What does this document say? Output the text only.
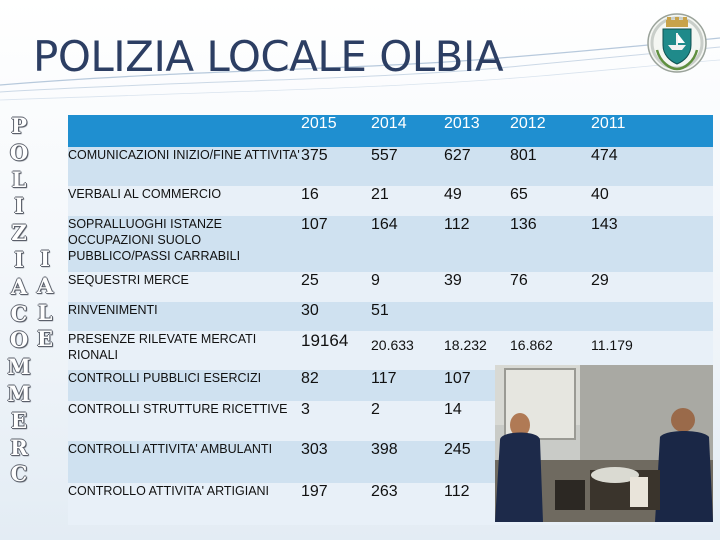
POLIZIA LOCALE OLBIA
P
O
L
I
Z
I
A
C
O
M
M
E
R
C
I
A
L
E
	2015	2014	2013	2012	2011
COMUNICAZIONI INIZIO/FINE ATTIVITA'	375	557	627	801	474
VERBALI AL COMMERCIO	16	21	49	65	40
SOPRALLUOGHI ISTANZE OCCUPAZIONI SUOLO PUBBLICO/PASSI CARRABILI	107	164	112	136	143
SEQUESTRI MERCE	25	9	39	76	29
RINVENIMENTI	30	51			
PRESENZE RILEVATE MERCATI RIONALI	19164	20.633	18.232	16.862	11.179
CONTROLLI PUBBLICI ESERCIZI	82	117	107		
CONTROLLI STRUTTURE RICETTIVE	3	2	14		
CONTROLLI ATTIVITA' AMBULANTI	303	398	245		
CONTROLLO ATTIVITA' ARTIGIANI	197	263	112		
